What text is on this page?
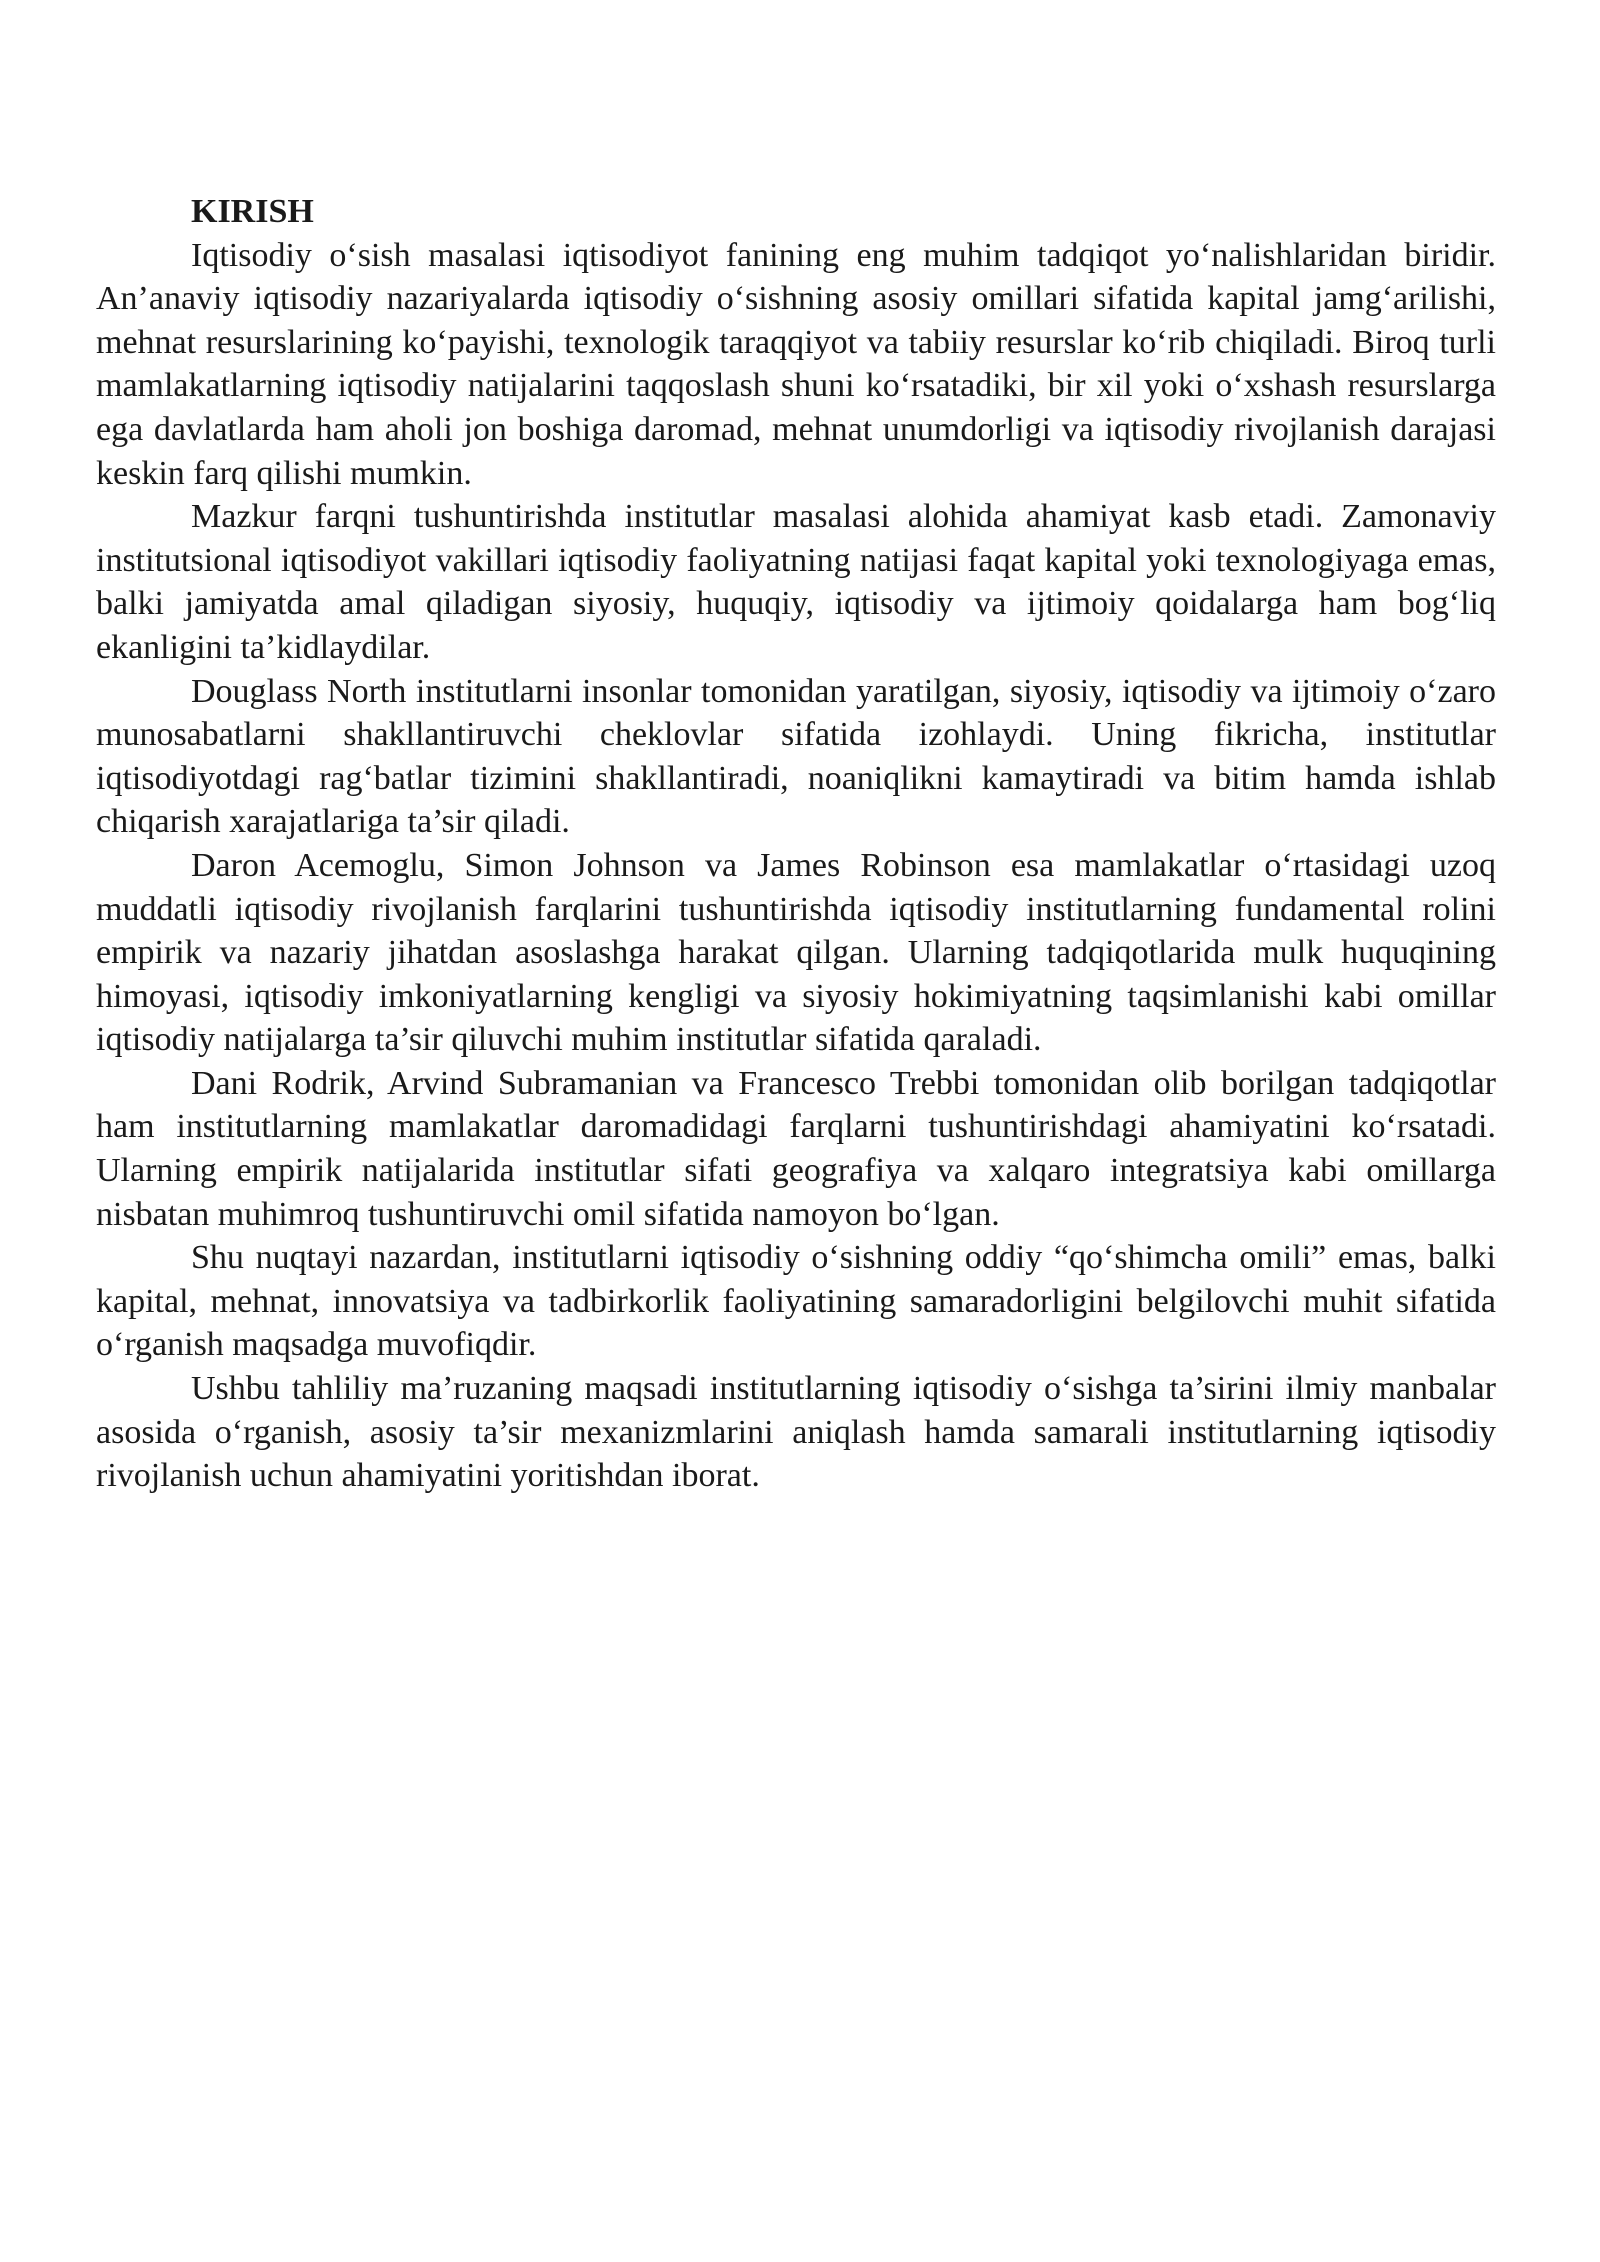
KIRISH

Iqtisodiy o‘sish masalasi iqtisodiyot fanining eng muhim tadqiqot yo‘nalishlaridan biridir. An’anaviy iqtisodiy nazariyalarda iqtisodiy o‘sishning asosiy omillari sifatida kapital jamg‘arilishi, mehnat resurslarining ko‘payishi, texnologik taraqqiyot va tabiiy resurslar ko‘rib chiqiladi. Biroq turli mamlakatlarning iqtisodiy natijalarini taqqoslash shuni ko‘rsatadiki, bir xil yoki o‘xshash resurslarga ega davlatlarda ham aholi jon boshiga daromad, mehnat unumdorligi va iqtisodiy rivojlanish darajasi keskin farq qilishi mumkin.

Mazkur farqni tushuntirishda institutlar masalasi alohida ahamiyat kasb etadi. Zamonaviy institutsional iqtisodiyot vakillari iqtisodiy faoliyatning natijasi faqat kapital yoki texnologiyaga emas, balki jamiyatda amal qiladigan siyosiy, huquqiy, iqtisodiy va ijtimoiy qoidalarga ham bog‘liq ekanligini ta’kidlaydilar.

Douglass North institutlarni insonlar tomonidan yaratilgan, siyosiy, iqtisodiy va ijtimoiy o‘zaro munosabatlarni shakllantiruvchi cheklovlar sifatida izohlaydi. Uning fikricha, institutlar iqtisodiyotdagi rag‘batlar tizimini shakllantiradi, noaniqlikni kamaytiradi va bitim hamda ishlab chiqarish xarajatlariga ta’sir qiladi.

Daron Acemoglu, Simon Johnson va James Robinson esa mamlakatlar o‘rtasidagi uzoq muddatli iqtisodiy rivojlanish farqlarini tushuntirishda iqtisodiy institutlarning fundamental rolini empirik va nazariy jihatdan asoslashga harakat qilgan. Ularning tadqiqotlarida mulk huquqining himoyasi, iqtisodiy imkoniyatlarning kengligi va siyosiy hokimiyatning taqsimlanishi kabi omillar iqtisodiy natijalarga ta’sir qiluvchi muhim institutlar sifatida qaraladi.

Dani Rodrik, Arvind Subramanian va Francesco Trebbi tomonidan olib borilgan tadqiqotlar ham institutlarning mamlakatlar daromadidagi farqlarni tushuntirishdagi ahamiyatini ko‘rsatadi. Ularning empirik natijalarida institutlar sifati geografiya va xalqaro integratsiya kabi omillarga nisbatan muhimroq tushuntiruvchi omil sifatida namoyon bo‘lgan.

Shu nuqtayi nazardan, institutlarni iqtisodiy o‘sishning oddiy “qo‘shimcha omili” emas, balki kapital, mehnat, innovatsiya va tadbirkorlik faoliyatining samaradorligini belgilovchi muhit sifatida o‘rganish maqsadga muvofiqdir.

Ushbu tahliliy ma’ruzaning maqsadi institutlarning iqtisodiy o‘sishga ta’sirini ilmiy manbalar asosida o‘rganish, asosiy ta’sir mexanizmlarini aniqlash hamda samarali institutlarning iqtisodiy rivojlanish uchun ahamiyatini yoritishdan iborat.
